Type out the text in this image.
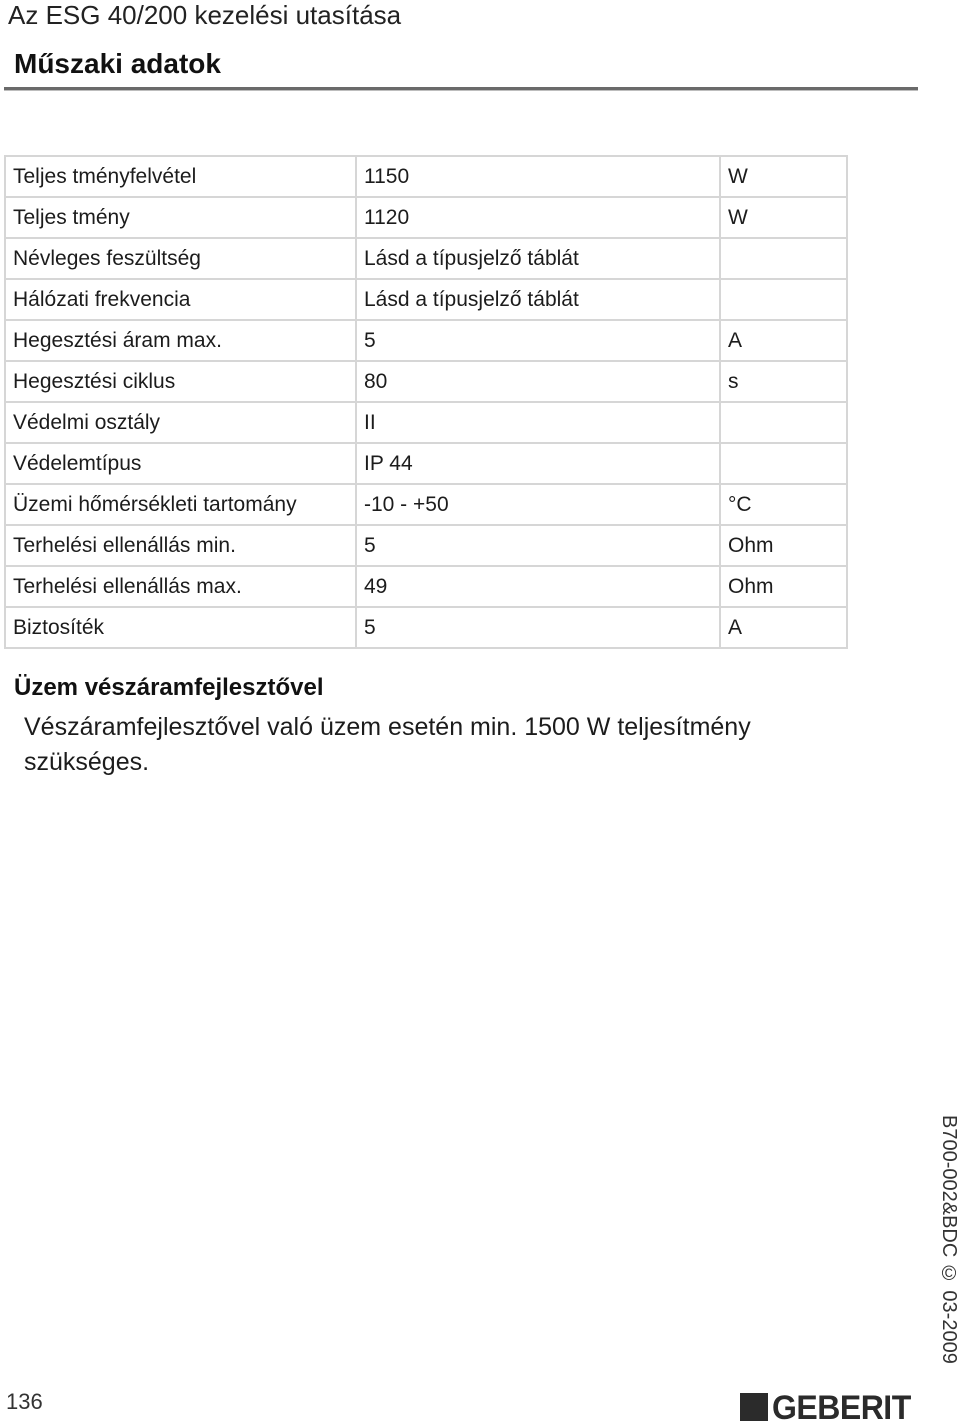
Az ESG 40/200 kezelési utasítása
Műszaki adatok
Teljes tményfelvétel	1150	W
Teljes tmény	1120	W
Névleges feszültség	Lásd a típusjelző táblát	
Hálózati frekvencia	Lásd a típusjelző táblát	
Hegesztési áram max.	5	A
Hegesztési ciklus	80	s
Védelmi osztály	II	
Védelemtípus	IP 44	
Üzemi hőmérsékleti tartomány	-10 - +50	°C
Terhelési ellenállás min.	5	Ohm
Terhelési ellenállás max.	49	Ohm
Biztosíték	5	A
Üzem vészáramfejlesztővel
Vészáramfejlesztővel való üzem esetén min. 1500 W teljesítmény szükséges.
B700-002&BDC © 03-2009
136	GEBERIT
